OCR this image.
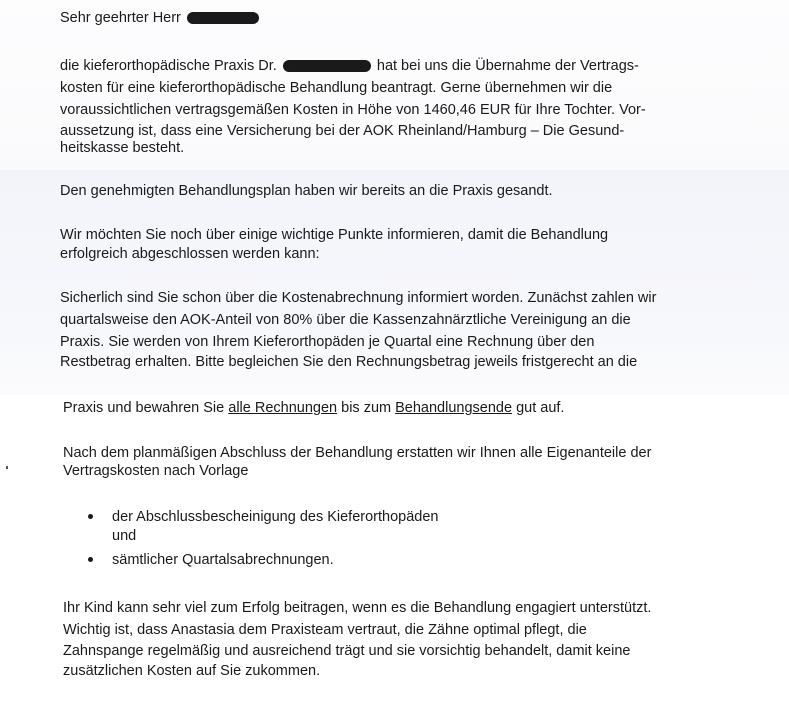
Sehr geehrter Herr
die kieferorthopädische Praxis Dr.	hat bei uns die Übernahme der Vertrags-
kosten für eine kieferorthopädische Behandlung beantragt. Gerne übernehmen wir die
voraussichtlichen vertragsgemäßen Kosten in Höhe von 1460,46 EUR für Ihre Tochter. Vor-
aussetzung ist, dass eine Versicherung bei der AOK Rheinland/Hamburg – Die Gesund-
heitskasse besteht.
Den genehmigten Behandlungsplan haben wir bereits an die Praxis gesandt.
Wir möchten Sie noch über einige wichtige Punkte informieren, damit die Behandlung
erfolgreich abgeschlossen werden kann:
Sicherlich sind Sie schon über die Kostenabrechnung informiert worden. Zunächst zahlen wir
quartalsweise den AOK-Anteil von 80% über die Kassenzahnärztliche Vereinigung an die
Praxis. Sie werden von Ihrem Kieferorthopäden je Quartal eine Rechnung über den
Restbetrag erhalten. Bitte begleichen Sie den Rechnungsbetrag jeweils fristgerecht an die
Praxis und bewahren Sie alle Rechnungen bis zum Behandlungsende gut auf.
Nach dem planmäßigen Abschluss der Behandlung erstatten wir Ihnen alle Eigenanteile der
Vertragskosten nach Vorlage
der Abschlussbescheinigung des Kieferorthopäden
und
sämtlicher Quartalsabrechnungen.
Ihr Kind kann sehr viel zum Erfolg beitragen, wenn es die Behandlung engagiert unterstützt.
Wichtig ist, dass Anastasia dem Praxisteam vertraut, die Zähne optimal pflegt, die
Zahnspange regelmäßig und ausreichend trägt und sie vorsichtig behandelt, damit keine
zusätzlichen Kosten auf Sie zukommen.
